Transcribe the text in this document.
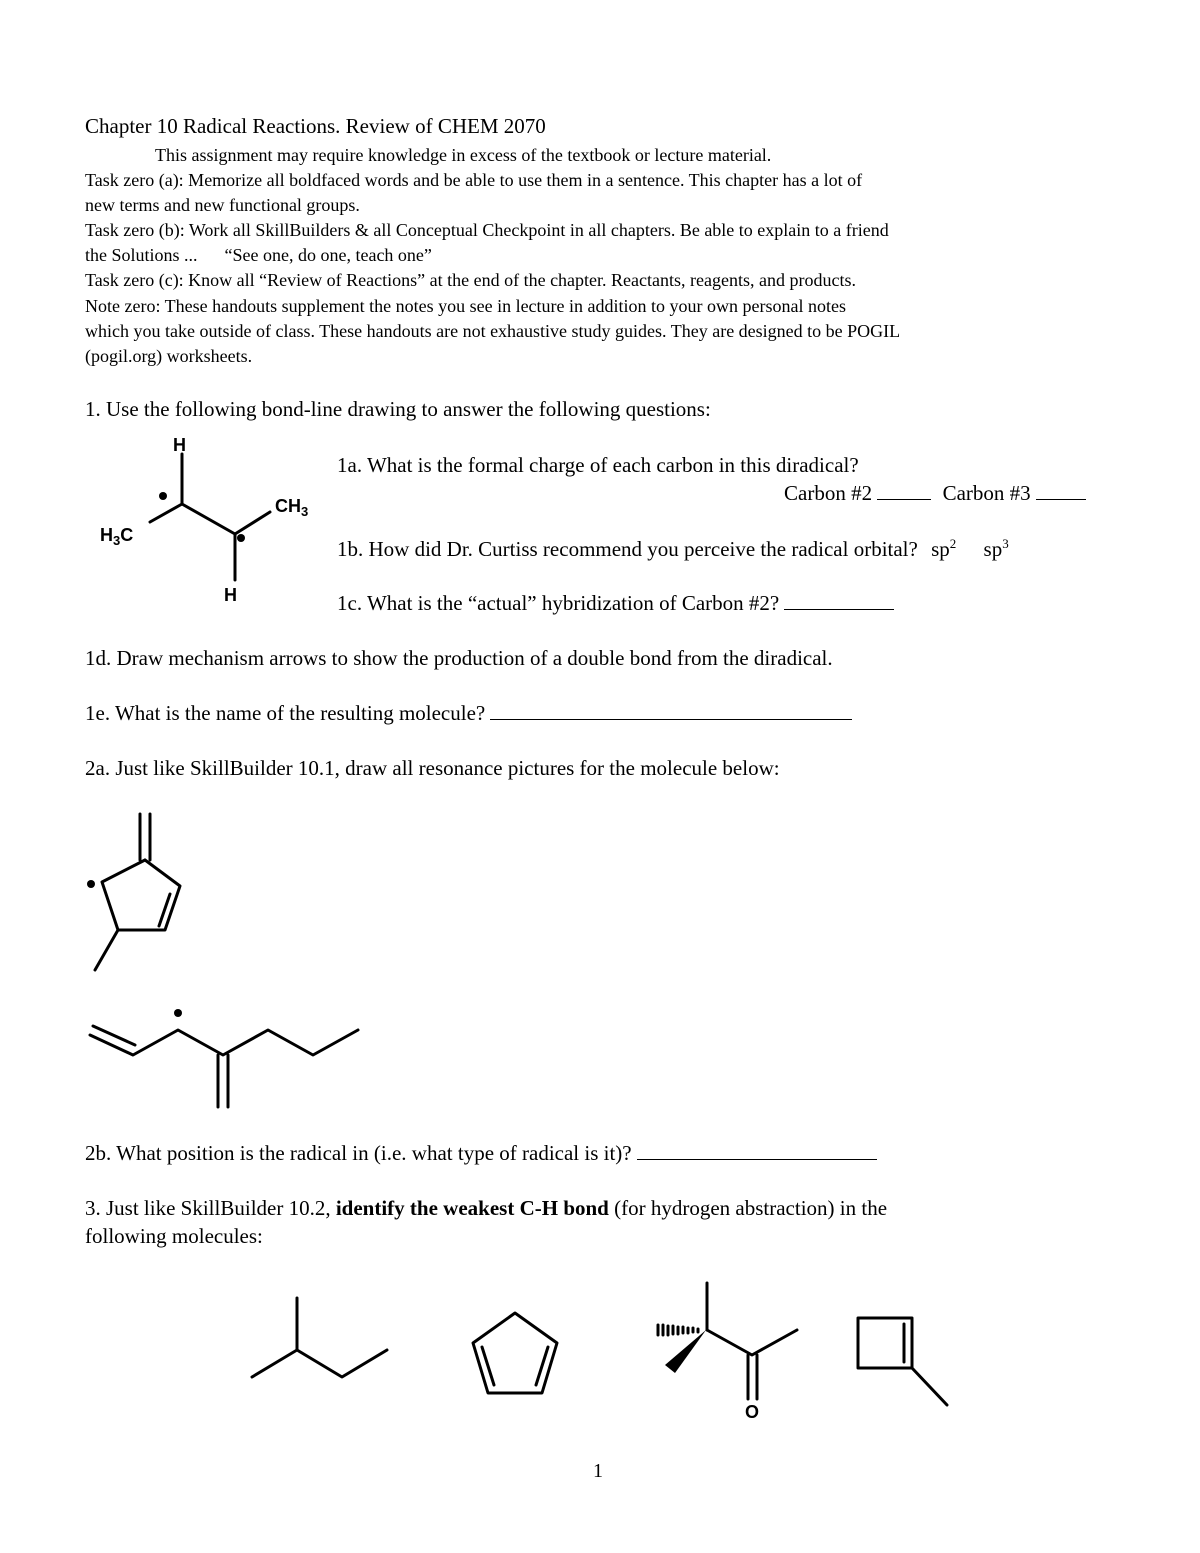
Chapter 10 Radical Reactions. Review of CHEM 2070
This assignment may require knowledge in excess of the textbook or lecture material.
Task zero (a): Memorize all boldfaced words and be able to use them in a sentence. This chapter has a lot of
new terms and new functional groups.
Task zero (b): Work all SkillBuilders & all Conceptual Checkpoint in all chapters. Be able to explain to a friend
the Solutions ...      “See one, do one, teach one”
Task zero (c): Know all “Review of Reactions” at the end of the chapter. Reactants, reagents, and products.
Note zero: These handouts supplement the notes you see in lecture in addition to your own personal notes
which you take outside of class. These handouts are not exhaustive study guides. They are designed to be POGIL
(pogil.org) worksheets.
1. Use the following bond-line drawing to answer the following questions:
H
H
$H_3C$
$CH_3$
1a. What is the formal charge of each carbon in this diradical?
Carbon #2	Carbon #3
1b. How did Dr. Curtiss recommend you perceive the radical orbital? $sp^2$ $sp^3$
1c. What is the “actual” hybridization of Carbon #2?
1d. Draw mechanism arrows to show the production of a double bond from the diradical.
1e. What is the name of the resulting molecule?
2a. Just like SkillBuilder 10.1, draw all resonance pictures for the molecule below:
2b. What position is the radical in (i.e. what type of radical is it)?
3. Just like SkillBuilder 10.2, identify the weakest C-H bond (for hydrogen abstraction) in the
following molecules:
O
1
